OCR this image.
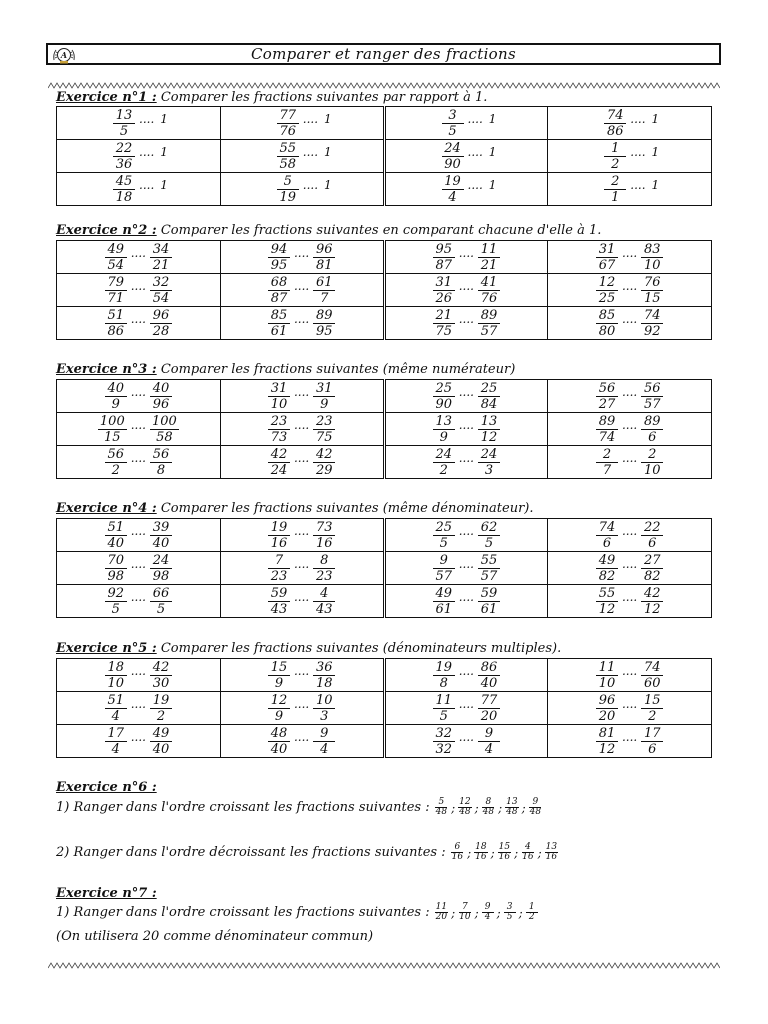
A	Comparer et ranger des fractions
Exercice n°1 : Comparer les fractions suivantes par rapport à 1.
$\frac{13}{5}$ .... 1	$\frac{77}{76}$ .... 1	$\frac{3}{5}$ .... 1	$\frac{74}{86}$ .... 1

$\frac{22}{36}$ .... 1	$\frac{55}{58}$ .... 1	$\frac{24}{90}$ .... 1	$\frac{1}{2}$ .... 1

$\frac{45}{18}$ .... 1	$\frac{5}{19}$ .... 1	$\frac{19}{4}$ .... 1	$\frac{2}{1}$ .... 1
Exercice n°2 : Comparer les fractions suivantes en comparant chacune d'elle à 1.
$\frac{49}{54}$ .... $\frac{34}{21}$	$\frac{94}{95}$ .... $\frac{96}{81}$	$\frac{95}{87}$ .... $\frac{11}{21}$	$\frac{31}{67}$ .... $\frac{83}{10}$

$\frac{79}{71}$ .... $\frac{32}{54}$	$\frac{68}{87}$ .... $\frac{61}{7}$	$\frac{31}{26}$ .... $\frac{41}{76}$	$\frac{12}{25}$ .... $\frac{76}{15}$

$\frac{51}{86}$ .... $\frac{96}{28}$	$\frac{85}{61}$ .... $\frac{89}{95}$	$\frac{21}{75}$ .... $\frac{89}{57}$	$\frac{85}{80}$ .... $\frac{74}{92}$
Exercice n°3 : Comparer les fractions suivantes (même numérateur)
$\frac{40}{9}$ .... $\frac{40}{96}$	$\frac{31}{10}$ .... $\frac{31}{9}$	$\frac{25}{90}$ .... $\frac{25}{84}$	$\frac{56}{27}$ .... $\frac{56}{57}$

$\frac{100}{15}$ .... $\frac{100}{58}$	$\frac{23}{73}$ .... $\frac{23}{75}$	$\frac{13}{9}$ .... $\frac{13}{12}$	$\frac{89}{74}$ .... $\frac{89}{6}$

$\frac{56}{2}$ .... $\frac{56}{8}$	$\frac{42}{24}$ .... $\frac{42}{29}$	$\frac{24}{2}$ .... $\frac{24}{3}$	$\frac{2}{7}$ .... $\frac{2}{10}$
Exercice n°4 : Comparer les fractions suivantes (même dénominateur).
$\frac{51}{40}$ .... $\frac{39}{40}$	$\frac{19}{16}$ .... $\frac{73}{16}$	$\frac{25}{5}$ .... $\frac{62}{5}$	$\frac{74}{6}$ .... $\frac{22}{6}$

$\frac{70}{98}$ .... $\frac{24}{98}$	$\frac{7}{23}$ .... $\frac{8}{23}$	$\frac{9}{57}$ .... $\frac{55}{57}$	$\frac{49}{82}$ .... $\frac{27}{82}$

$\frac{92}{5}$ .... $\frac{66}{5}$	$\frac{59}{43}$ .... $\frac{4}{43}$	$\frac{49}{61}$ .... $\frac{59}{61}$	$\frac{55}{12}$ .... $\frac{42}{12}$
Exercice n°5 : Comparer les fractions suivantes (dénominateurs multiples).
$\frac{18}{10}$ .... $\frac{42}{30}$	$\frac{15}{9}$ .... $\frac{36}{18}$	$\frac{19}{8}$ .... $\frac{86}{40}$	$\frac{11}{10}$ .... $\frac{74}{60}$

$\frac{51}{4}$ .... $\frac{19}{2}$	$\frac{12}{9}$ .... $\frac{10}{3}$	$\frac{11}{5}$ .... $\frac{77}{20}$	$\frac{96}{20}$ .... $\frac{15}{2}$

$\frac{17}{4}$ .... $\frac{49}{40}$	$\frac{48}{40}$ .... $\frac{9}{4}$	$\frac{32}{32}$ .... $\frac{9}{4}$	$\frac{81}{12}$ .... $\frac{17}{6}$
Exercice n°6 :
1) Ranger dans l'ordre croissant les fractions suivantes : $\frac{5}{48}$ ; $\frac{12}{48}$ ; $\frac{8}{48}$ ; $\frac{13}{48}$ ; $\frac{9}{48}$
2) Ranger dans l'ordre décroissant les fractions suivantes : $\frac{6}{16}$ ; $\frac{18}{16}$ ; $\frac{15}{16}$ ; $\frac{4}{16}$ ; $\frac{13}{16}$
Exercice n°7 :
1) Ranger dans l'ordre croissant les fractions suivantes : $\frac{11}{20}$ ; $\frac{7}{10}$ ; $\frac{9}{4}$ ; $\frac{3}{5}$ ; $\frac{1}{2}$
(On utilisera 20 comme dénominateur commun)
